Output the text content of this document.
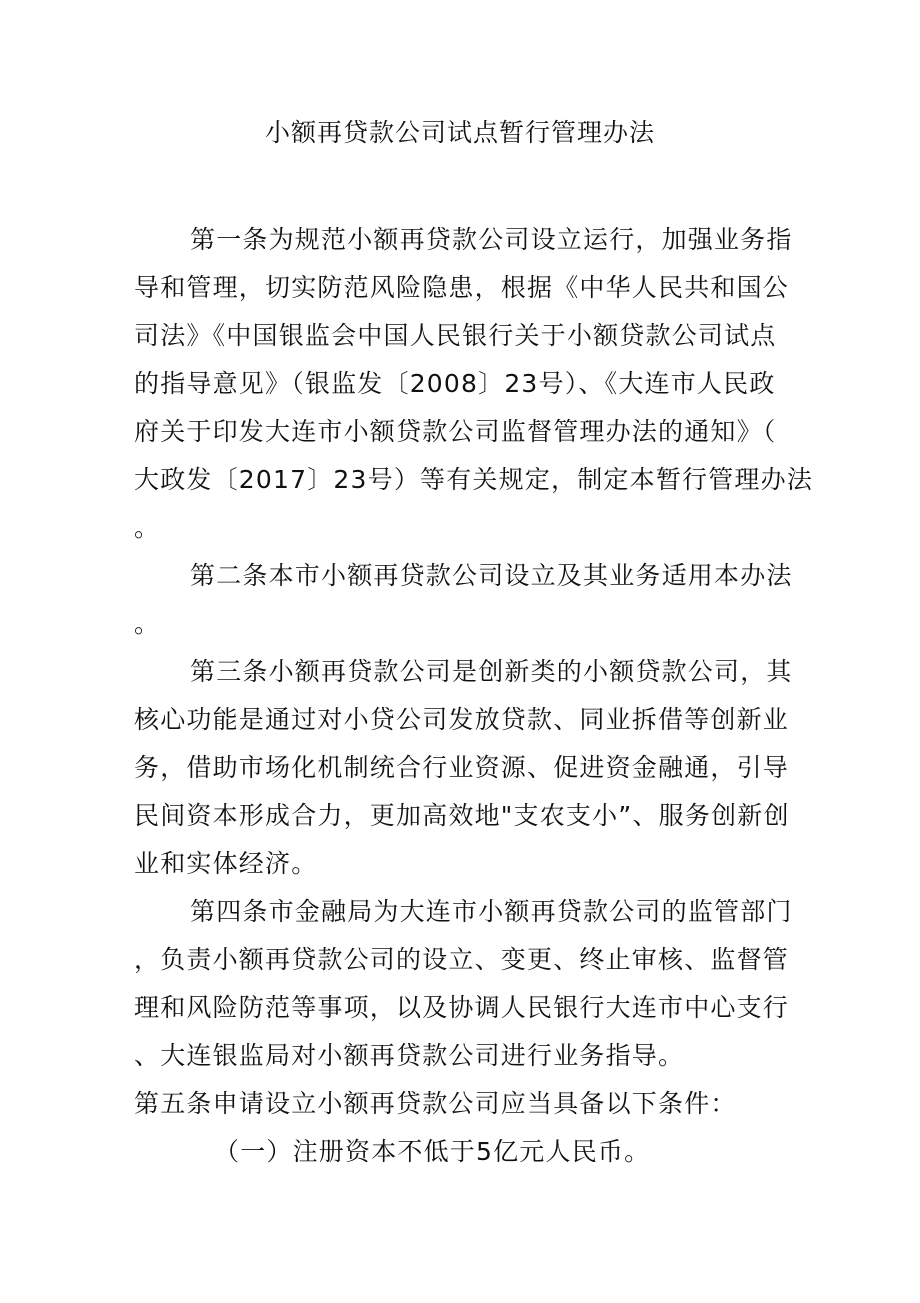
小额再贷款公司试点暂行管理办法
第一条为规范小额再贷款公司设立运行，加强业务指
导和管理，切实防范风险隐患，根据《中华人民共和国公
司法》《中国银监会中国人民银行关于小额贷款公司试点
的指导意见》（银监发〔2008〕23号）、《大连市人民政
府关于印发大连市小额贷款公司监督管理办法的通知》（
大政发〔2017〕23号）等有关规定，制定本暂行管理办法
。
第二条本市小额再贷款公司设立及其业务适用本办法
。
第三条小额再贷款公司是创新类的小额贷款公司，其
核心功能是通过对小贷公司发放贷款、同业拆借等创新业
务，借助市场化机制统合行业资源、促进资金融通，引导
民间资本形成合力，更加高效地"支农支小”、服务创新创
业和实体经济。
第四条市金融局为大连市小额再贷款公司的监管部门
，负责小额再贷款公司的设立、变更、终止审核、监督管
理和风险防范等事项，以及协调人民银行大连市中心支行
、大连银监局对小额再贷款公司进行业务指导。
第五条申请设立小额再贷款公司应当具备以下条件：
（一）注册资本不低于5亿元人民币。
